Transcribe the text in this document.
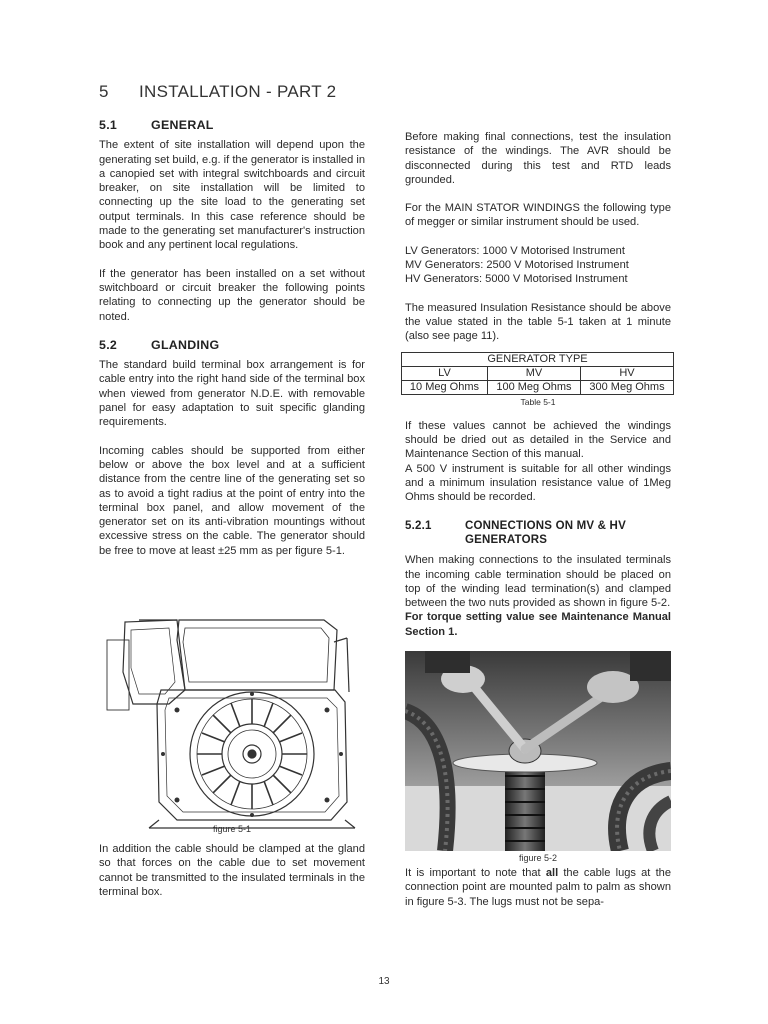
5 INSTALLATION - PART 2
5.1	GENERAL

The extent of site installation will depend upon the generating set build, e.g. if the generator is installed in a canopied set with integral switchboards and circuit breaker, on site installation will be limited to connecting up the site load to the generating set output terminals. In this case reference should be made to the generating set manufacturer's instruction book and any pertinent local regulations.

If the generator has been installed on a set without switchboard or circuit breaker the following points relating to connecting up the generator should be noted.

5.2	GLANDING

The standard build terminal box arrangement is for cable entry into the right hand side of the terminal box when viewed from generator N.D.E. with removable panel for easy adaptation to suit specific glanding requirements.

Incoming cables should be supported from either below or above the box level and at a sufficient distance from the centre line of the generating set so as to avoid a tight radius at the point of entry into the terminal box panel, and allow movement of the generator set on its anti-vibration mountings without excessive stress on the cable. The generator should be free to move at least ±25 mm as per figure 5-1.

figure 5-1

In addition the cable should be clamped at the gland so that forces on the cable due to set movement cannot be transmitted to the insulated terminals in the terminal box.

Before making final connections, test the insulation resistance of the windings. The AVR should be disconnected during this test and RTD leads grounded.

For the MAIN STATOR WINDINGS the following type of megger or similar instrument should be used.

LV Generators: 1000 V Motorised Instrument
MV Generators: 2500 V Motorised Instrument
HV Generators: 5000 V Motorised Instrument

The measured Insulation Resistance should be above the value stated in the table 5-1 taken at 1 minute (also see page 11).

GENERATOR TYPE		
LV	MV	HV
10 Meg Ohms	100 Meg Ohms	300 Meg Ohms
Table 5-1

If these values cannot be achieved the windings should be dried out as detailed in the Service and Maintenance Section of this manual.

A 500 V instrument is suitable for all other windings and a minimum insulation resistance value of 1Meg Ohms should be recorded.

5.2.1	CONNECTIONS ON MV & HV GENERATORS

When making connections to the insulated terminals the incoming cable termination should be placed on top of the winding lead termination(s) and clamped between the two nuts provided as shown in figure 5-2.

For torque setting value see Maintenance Manual Section 1.

figure 5-2

It is important to note that all the cable lugs at the connection point are mounted palm to palm as shown in figure 5-3. The lugs must not be sepa-

13
